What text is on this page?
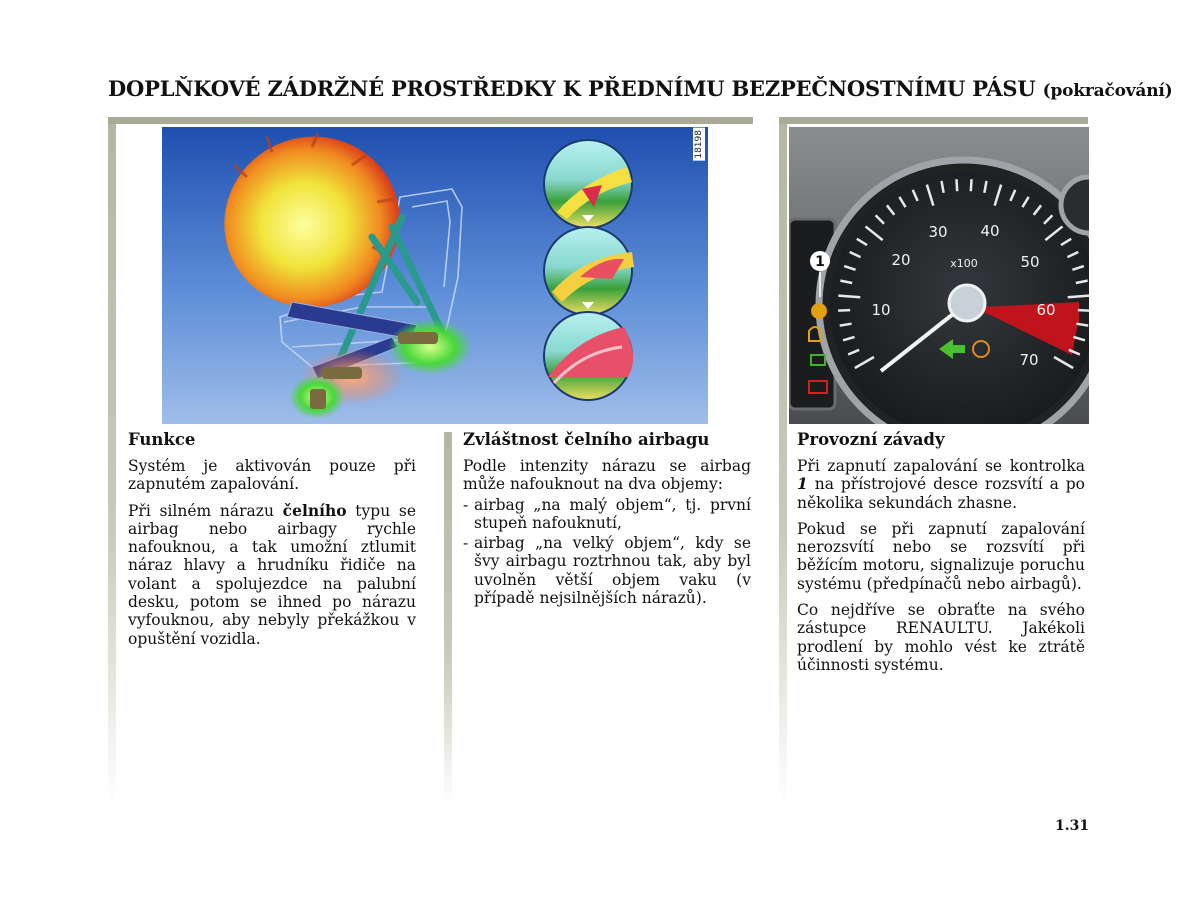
DOPLŇKOVÉ ZÁDRŽNÉ PROSTŘEDKY K PŘEDNÍMU BEZPEČNOSTNÍMU PÁSU (pokračování)
18198
1
10
20
30 40
50
60
70
x100
Funkce

Systém je aktivován pouze při zapnutém zapalování.

Při silném nárazu čelního typu se airbag nebo airbagy rychle nafouknou, a tak umožní ztlumit náraz hlavy a hrudníku řidiče na volant a spolujezdce na palubní desku, potom se ihned po nárazu vyfouknou, aby nebyly překážkou v opuštění vozidla.

Zvláštnost čelního airbagu

Podle intenzity nárazu se airbag může nafouknout na dva objemy:

- airbag „na malý objem“, tj. první stupeň nafouknutí,
- airbag „na velký objem“, kdy se švy airbagu roztrhnou tak, aby byl uvolněn větší objem vaku (v případě nejsilnějších nárazů).
Provozní závady

Při zapnutí zapalování se kontrolka 1 na přístrojové desce rozsvítí a po několika sekundách zhasne.

Pokud se při zapnutí zapalování nerozsvítí nebo se rozsvítí při běžícím motoru, signalizuje poruchu systému (předpínačů nebo airbagů).

Co nejdříve se obraťte na svého zástupce RENAULTU. Jakékoli prodlení by mohlo vést ke ztrátě účinnosti systému.

1.31
